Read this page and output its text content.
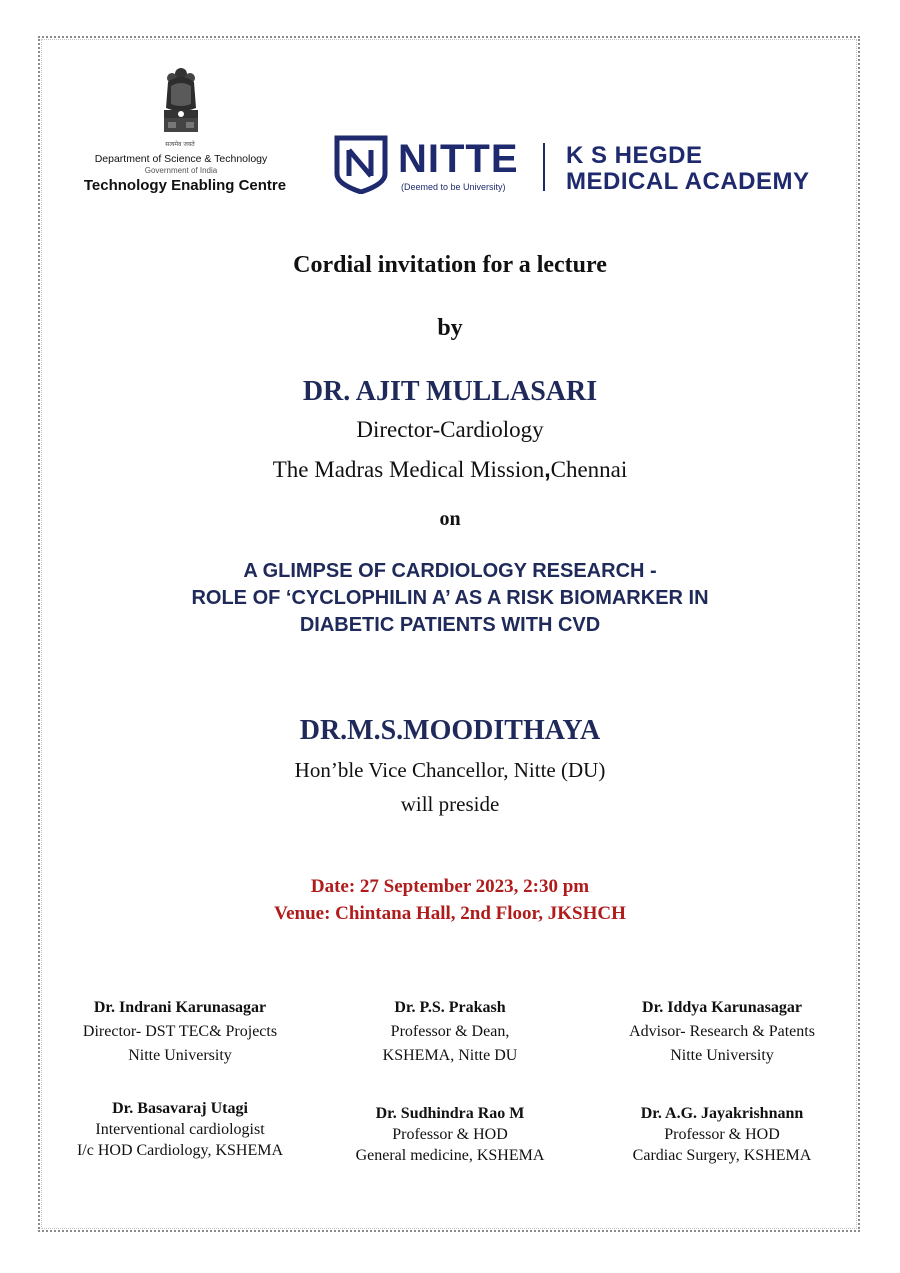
सत्यमेव जयते
Department of Science & Technology
Government of India
Technology Enabling Centre
NITTE
(Deemed to be University)
K S HEGDE
MEDICAL ACADEMY
Cordial invitation for a lecture
by
DR. AJIT MULLASARI
Director-Cardiology
The Madras Medical Mission,Chennai
on
A GLIMPSE OF CARDIOLOGY RESEARCH -
ROLE OF ‘CYCLOPHILIN A’ AS A RISK BIOMARKER IN
DIABETIC PATIENTS WITH CVD
DR.M.S.MOODITHAYA
Hon’ble Vice Chancellor, Nitte (DU)
will preside
Date: 27 September 2023, 2:30 pm
Venue: Chintana Hall, 2nd Floor, JKSHCH
Dr. Indrani Karunasagar
Director- DST TEC& Projects
Nitte University
Dr. P.S. Prakash
Professor & Dean,
KSHEMA, Nitte DU
Dr. Iddya Karunasagar
Advisor- Research & Patents
Nitte University
Dr. Basavaraj Utagi
Interventional cardiologist
I/c HOD Cardiology, KSHEMA
Dr. Sudhindra Rao M
Professor & HOD
General medicine, KSHEMA
Dr. A.G. Jayakrishnann
Professor & HOD
Cardiac Surgery, KSHEMA
